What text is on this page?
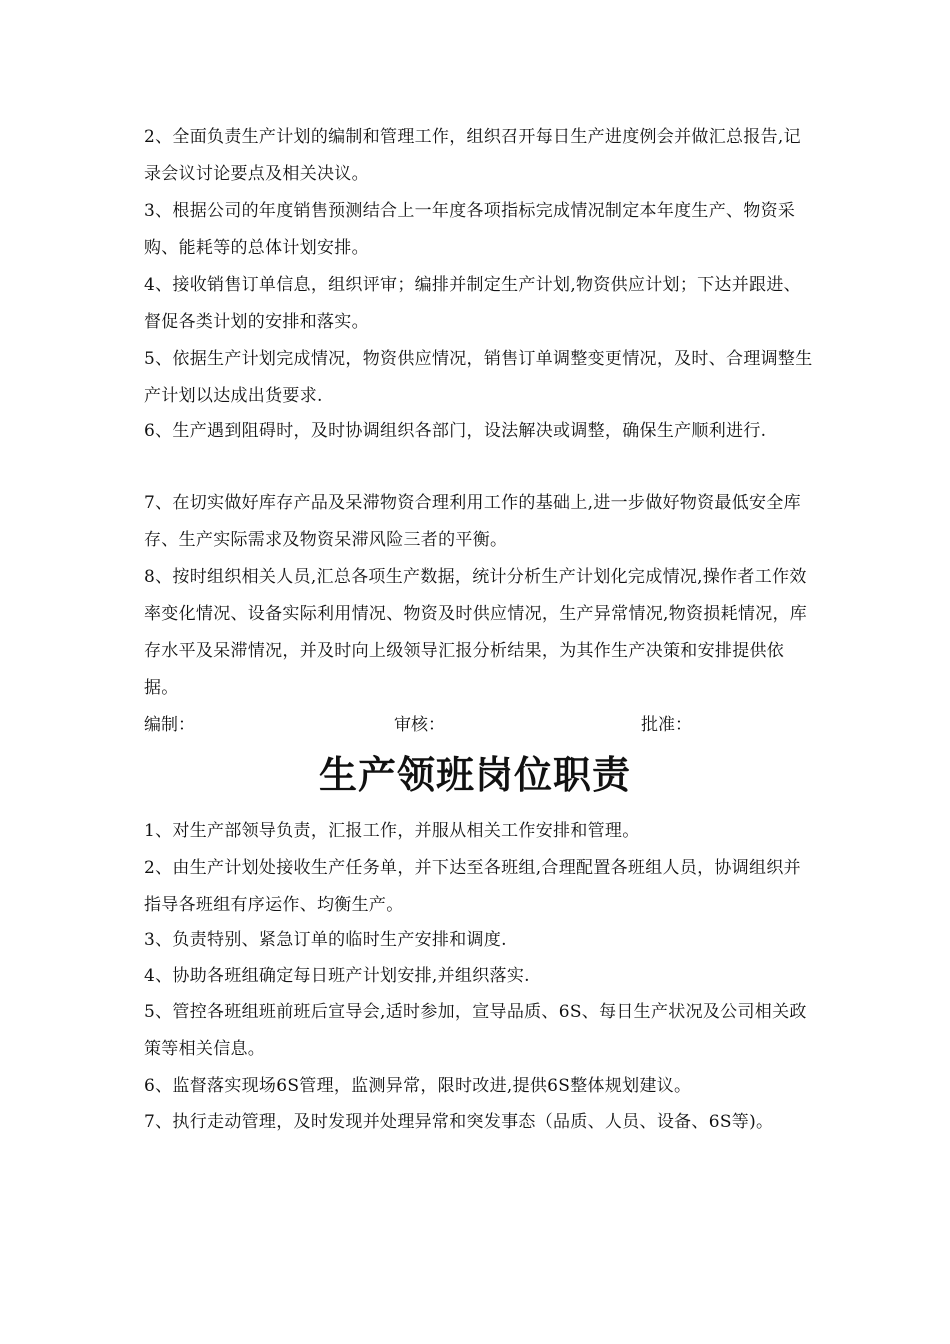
2、全面负责生产计划的编制和管理工作，组织召开每日生产进度例会并做汇总报告,记录会议讨论要点及相关决议。

3、根据公司的年度销售预测结合上一年度各项指标完成情况制定本年度生产、物资采购、能耗等的总体计划安排。

4、接收销售订单信息，组织评审；编排并制定生产计划,物资供应计划；下达并跟进、督促各类计划的安排和落实。

5、依据生产计划完成情况，物资供应情况，销售订单调整变更情况，及时、合理调整生产计划以达成出货要求.

6、生产遇到阻碍时，及时协调组织各部门，设法解决或调整，确保生产顺利进行.

7、在切实做好库存产品及呆滞物资合理利用工作的基础上,进一步做好物资最低安全库存、生产实际需求及物资呆滞风险三者的平衡。

8、按时组织相关人员,汇总各项生产数据，统计分析生产计划化完成情况,操作者工作效率变化情况、设备实际利用情况、物资及时供应情况，生产异常情况,物资损耗情况，库存水平及呆滞情况，并及时向上级领导汇报分析结果，为其作生产决策和安排提供依据。

编制：	审核：	批准：
生产领班岗位职责

1、对生产部领导负责，汇报工作，并服从相关工作安排和管理。

2、由生产计划处接收生产任务单，并下达至各班组,合理配置各班组人员，协调组织并指导各班组有序运作、均衡生产。

3、负责特别、紧急订单的临时生产安排和调度.

4、协助各班组确定每日班产计划安排,并组织落实.

5、管控各班组班前班后宣导会,适时参加，宣导品质、6S、每日生产状况及公司相关政策等相关信息。

6、监督落实现场6S管理，监测异常，限时改进,提供6S整体规划建议。

7、执行走动管理，及时发现并处理异常和突发事态（品质、人员、设备、6S等)。
